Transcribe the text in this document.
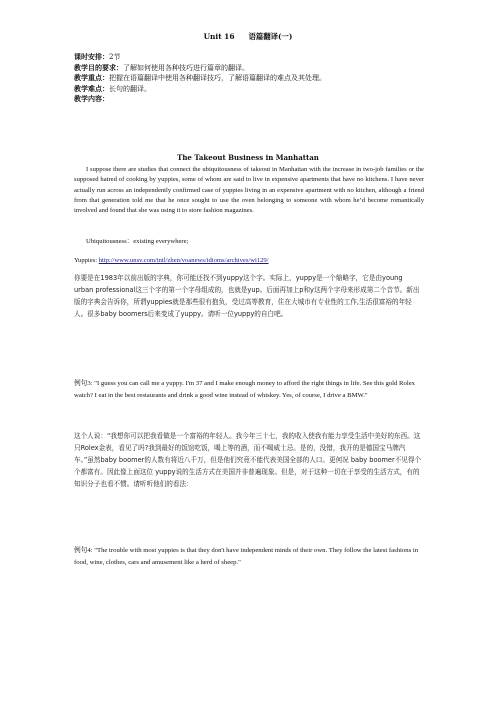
Unit 16 语篇翻译(一)
课时安排：2节
教学目的要求：了解如何使用各种技巧进行篇章的翻译。
教学重点：把握在语篇翻译中使用各种翻译技巧，了解语篇翻译的难点及其处理。
教学难点：长句的翻译。
教学内容：
The Takeout Business in Manhattan
I suppose there are studies that connect the ubiquitousness of takeout in Manhattan with the increase in two-job families or the supposed hatred of cooking by yuppies, some of whom are said to live in expensive apartments that have no kitchens. I have never actually run across an independently confirmed case of yuppies living in an expensive apartment with no kitchen, although a friend from that generation told me that he once sought to use the oven belonging to someone with whom he’d become romantically involved and found that she was using it to store fashion magazines.
Ubiquitousness：existing everywhere;
Yuppies: http://www.unsv.com/intl/zhen/voanews/idioms/archives/wi129/
你要是在1983年以前出版的字典，你可能还找不到yuppy这个字。实际上，yuppy是一个缩略字，它是由young urban professional这三个字的第一个字母组成的，也就是yup。后面再加上p和y这两个字母来形成第二个音节。新出版的字典会告诉你，所谓yuppies就是那些很有抱负，受过高等教育，住在大城市有专业性的工作,生活很富裕的年轻人。很多baby boomers后来变成了yuppy。请听一位yuppy的自白吧。
例句3: "I guess you can call me a yuppy. I'm 37 and I make enough money to afford the right things in life. See this gold Rolex watch? I eat in the best restaurants and drink a good wine instead of whiskey. Yes, of course, I drive a BMW."
这个人说：“我想你可以把我看做是一个富裕的年轻人。我今年三十七，我的收入使我有能力享受生活中美好的东西。这只Rolex金表，看见了吗?我到最好的饭馆吃饭，喝上等的酒，而不喝威士忌。是的，没错，我开的是德国宝马牌汽车。”虽然baby boomer的人数有将近八千万，但是他们究竟不能代表美国全部的人口。更何况 baby boomer不见得个个都富有。因此像上面这位 yuppy说的生活方式在美国并非普遍现象。但是，对于这种一切在于享受的生活方式，有的知识分子也看不惯。请听听他们的看法：
例句4: "The trouble with most yuppies is that they don't have independent minds of their own. They follow the latest fashions in food, wine, clothes, cars and amusement like a herd of sheep."
